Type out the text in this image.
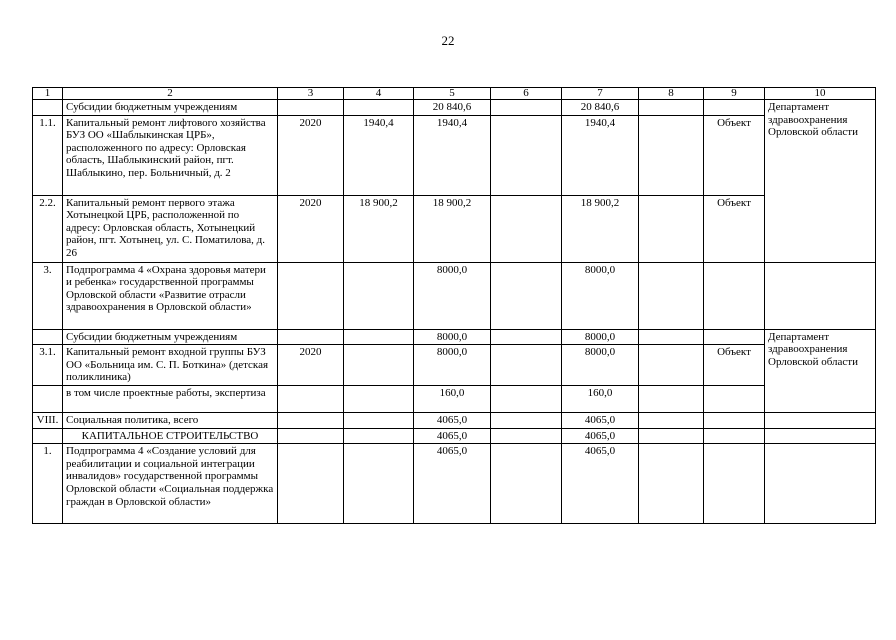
22
1	2	3	4	5	6	7	8	9	10
	Субсидии бюджетным учреждениям			20 840,6		20 840,6			Департамент здравоохранения Орловской области
1.1.	Капитальный ремонт лифтового хозяйства БУЗ ОО «Шаблыкинская ЦРБ», расположенного по адресу: Орловская область, Шаблыкинский район, пгт. Шаблыкино, пер. Больничный, д. 2	2020	1940,4	1940,4		1940,4		Объект	
2.2.	Капитальный ремонт первого этажа Хотынецкой ЦРБ, расположенной по адресу: Орловская область, Хотынецкий район, пгт. Хотынец, ул. С. Поматилова, д. 26	2020	18 900,2	18 900,2		18 900,2		Объект	
3.	Подпрограмма 4 «Охрана здоровья матери и ребенка» государственной программы Орловской области «Развитие отрасли здравоохранения в Орловской области»			8000,0		8000,0			
	Субсидии бюджетным учреждениям			8000,0		8000,0			Департамент здравоохранения Орловской области
3.1.	Капитальный ремонт входной группы БУЗ ОО «Больница им. С. П. Боткина» (детская поликлиника)	2020		8000,0		8000,0		Объект	
	в том числе проектные работы, экспертиза			160,0		160,0			
VIII.	Социальная политика, всего			4065,0		4065,0			
	КАПИТАЛЬНОЕ СТРОИТЕЛЬСТВО			4065,0		4065,0			
1.	Подпрограмма 4 «Создание условий для реабилитации и социальной интеграции инвалидов» государственной программы Орловской области «Социальная поддержка граждан в Орловской области»			4065,0		4065,0			
